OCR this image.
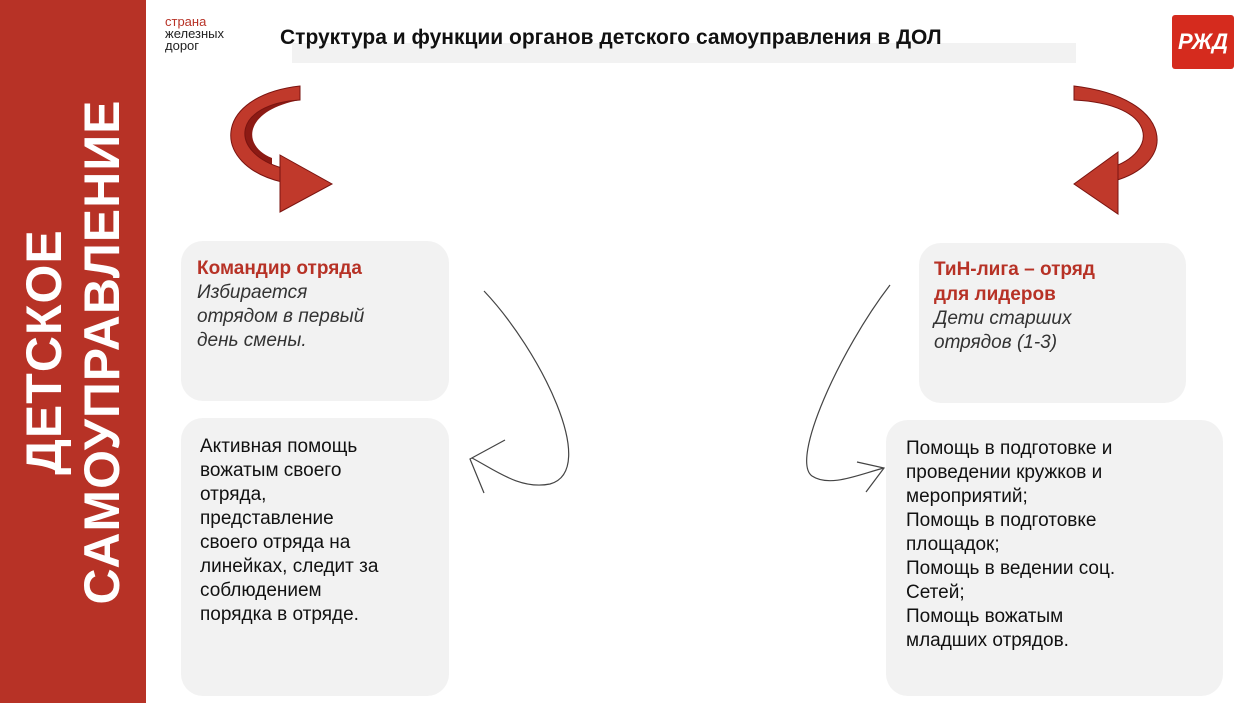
ДЕТСКОЕ САМОУПРАВЛЕНИЕ
страна
железных
дорог	Структура и функции органов детского самоуправления в ДОЛ	РЖД
Командир отряда
Избирается
отрядом в первый
день смены.
Активная помощь
вожатым своего
отряда,
представление
своего отряда на
линейках, следит за
соблюдением
порядка в отряде.
ТиН-лига – отряд
для лидеров
Дети старших
отрядов (1-3)
Помощь в подготовке и
проведении кружков и
мероприятий;
Помощь в подготовке
площадок;
Помощь в ведении соц.
Сетей;
Помощь вожатым
младших отрядов.
